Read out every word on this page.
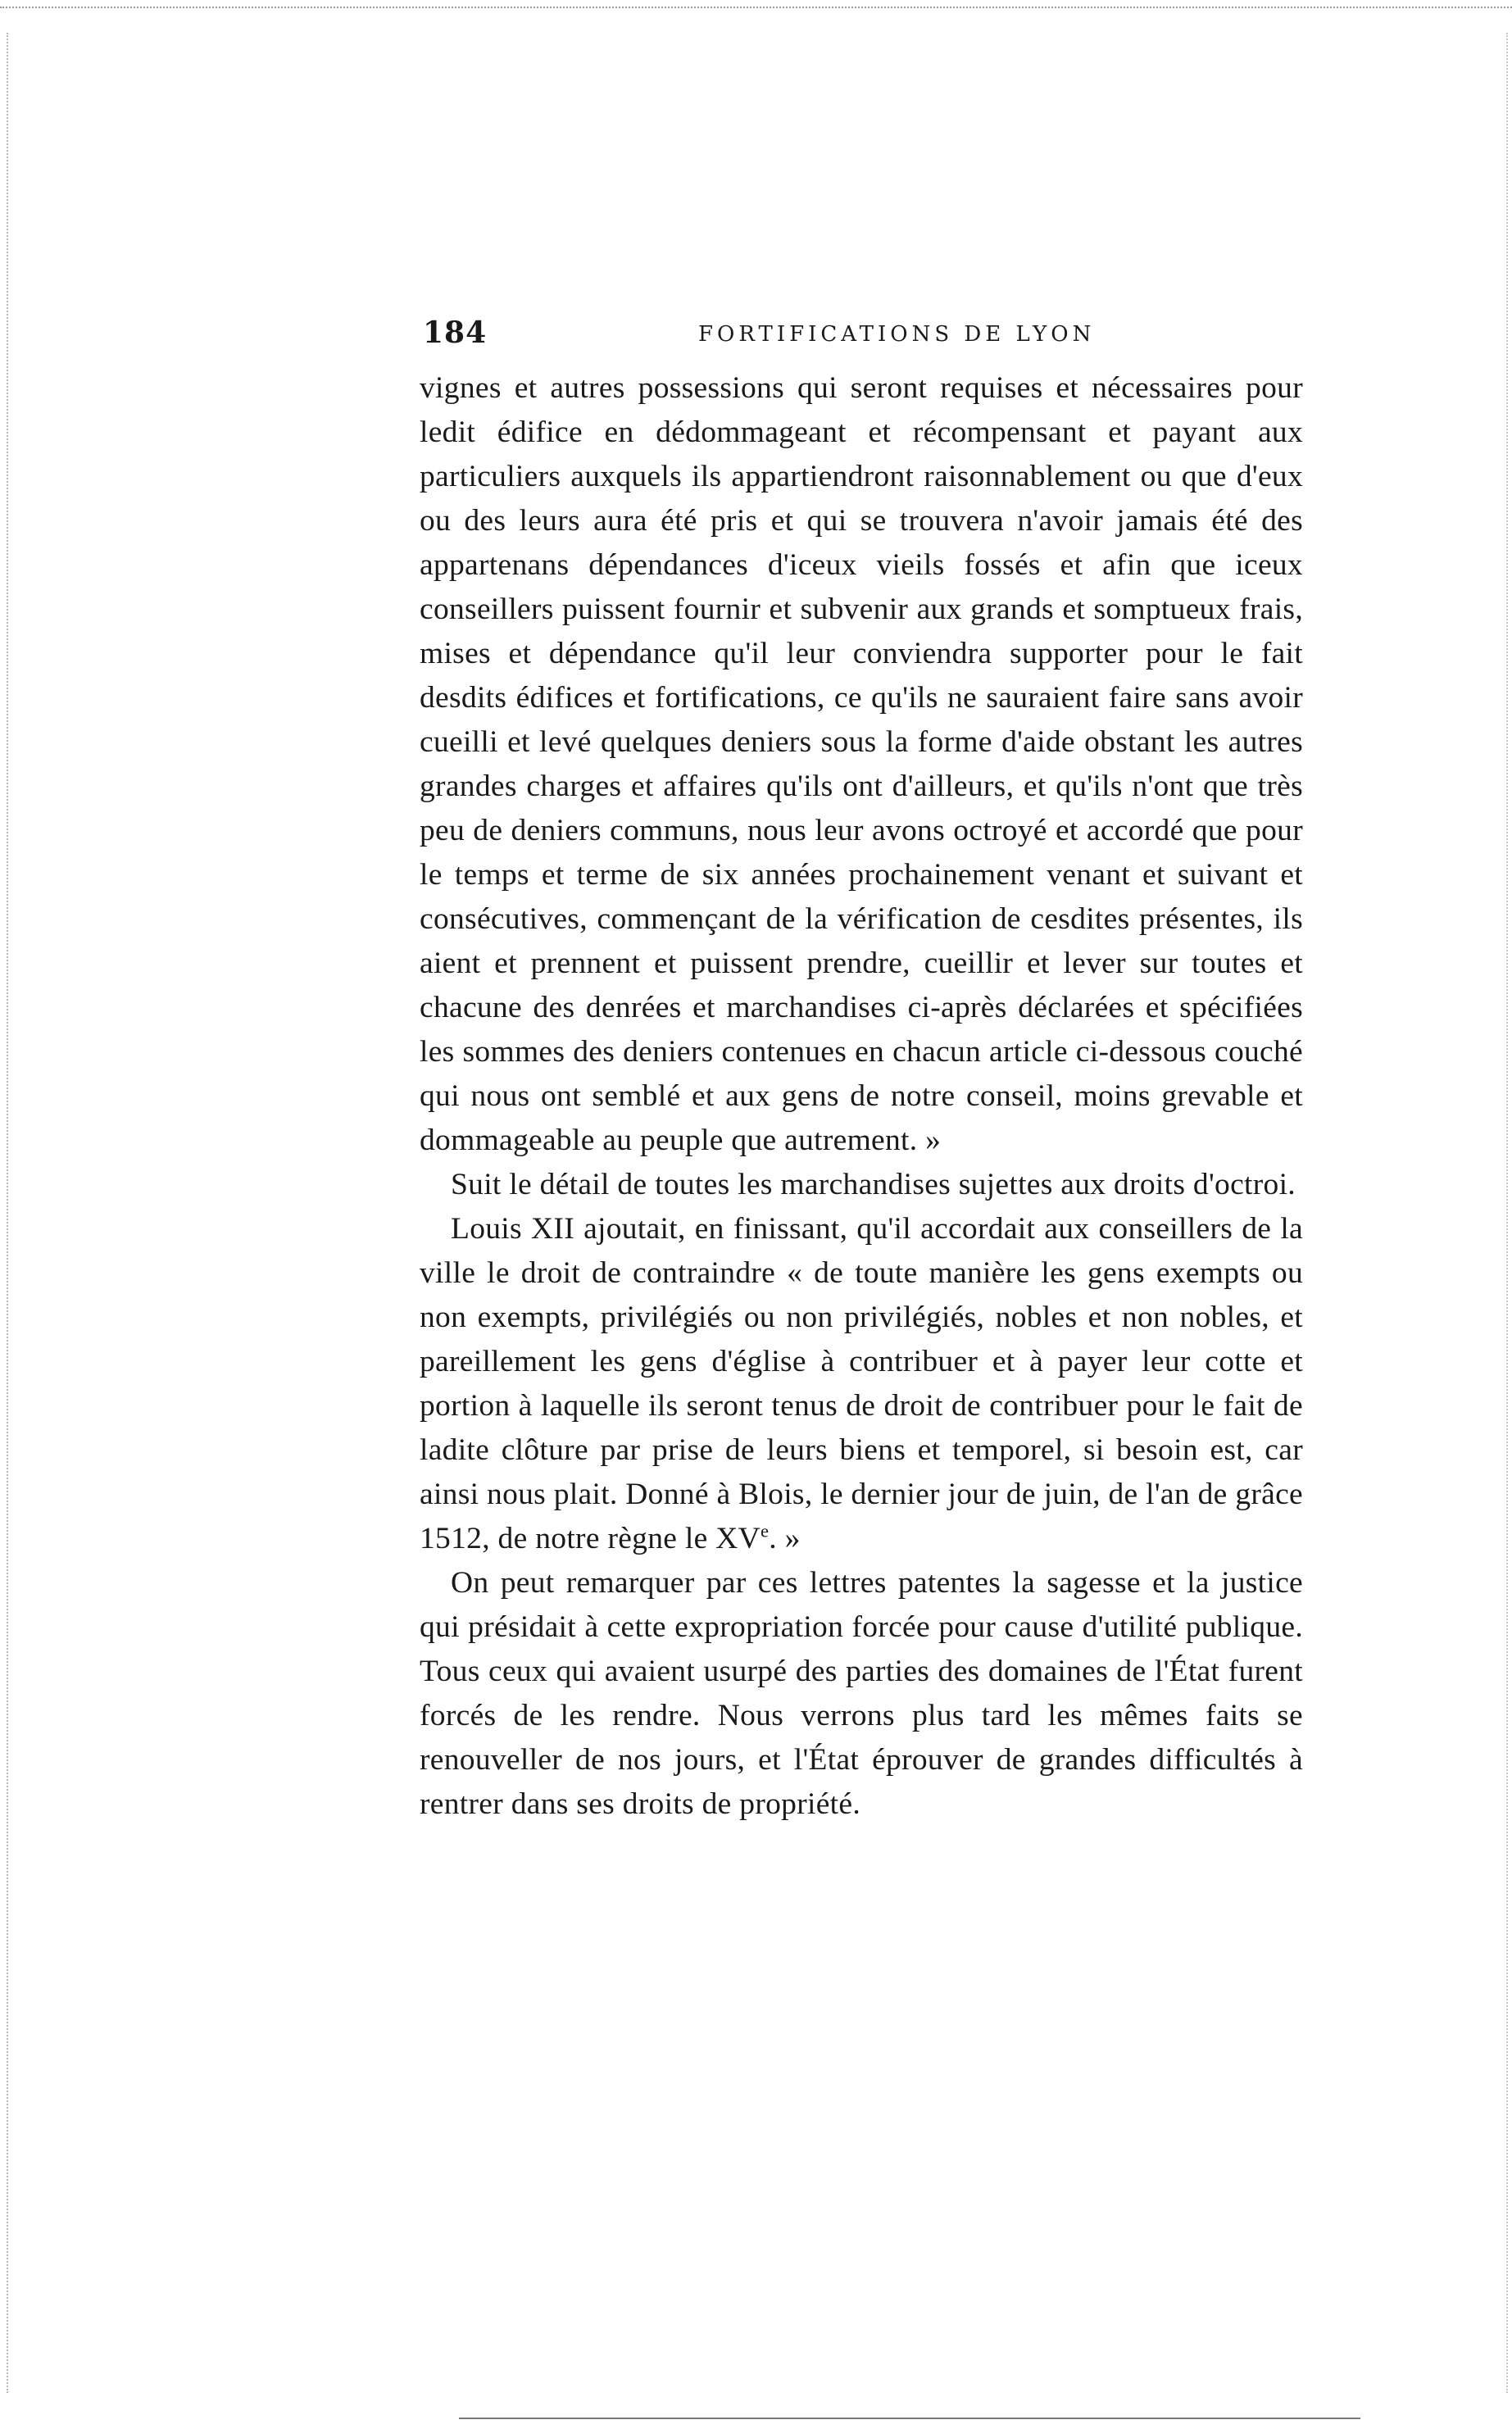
184	FORTIFICATIONS DE LYON

vignes et autres possessions qui seront requises et nécessaires pour ledit édifice en dédommageant et récompensant et payant aux particuliers auxquels ils appartiendront raisonnablement ou que d'eux ou des leurs aura été pris et qui se trouvera n'avoir jamais été des appartenans dépendances d'iceux vieils fossés et afin que iceux conseillers puissent fournir et subvenir aux grands et somptueux frais, mises et dépendance qu'il leur conviendra supporter pour le fait desdits édifices et fortifications, ce qu'ils ne sauraient faire sans avoir cueilli et levé quelques deniers sous la forme d'aide obstant les autres grandes charges et affaires qu'ils ont d'ailleurs, et qu'ils n'ont que très peu de deniers communs, nous leur avons octroyé et accordé que pour le temps et terme de six années prochainement venant et suivant et consécutives, commençant de la vérification de cesdites présentes, ils aient et prennent et puissent prendre, cueillir et lever sur toutes et chacune des denrées et marchandises ci-après déclarées et spécifiées les sommes des deniers contenues en chacun article ci-dessous couché qui nous ont semblé et aux gens de notre conseil, moins grevable et dommageable au peuple que autrement. »

Suit le détail de toutes les marchandises sujettes aux droits d'octroi.

Louis XII ajoutait, en finissant, qu'il accordait aux conseillers de la ville le droit de contraindre « de toute manière les gens exempts ou non exempts, privilégiés ou non privilégiés, nobles et non nobles, et pareillement les gens d'église à contribuer et à payer leur cotte et portion à laquelle ils seront tenus de droit de contribuer pour le fait de ladite clôture par prise de leurs biens et temporel, si besoin est, car ainsi nous plait. Donné à Blois, le dernier jour de juin, de l'an de grâce 1512, de notre règne le XVe. »

On peut remarquer par ces lettres patentes la sagesse et la justice qui présidait à cette expropriation forcée pour cause d'utilité publique. Tous ceux qui avaient usurpé des parties des domaines de l'État furent forcés de les rendre. Nous verrons plus tard les mêmes faits se renouveller de nos jours, et l'État éprouver de grandes difficultés à rentrer dans ses droits de propriété.
